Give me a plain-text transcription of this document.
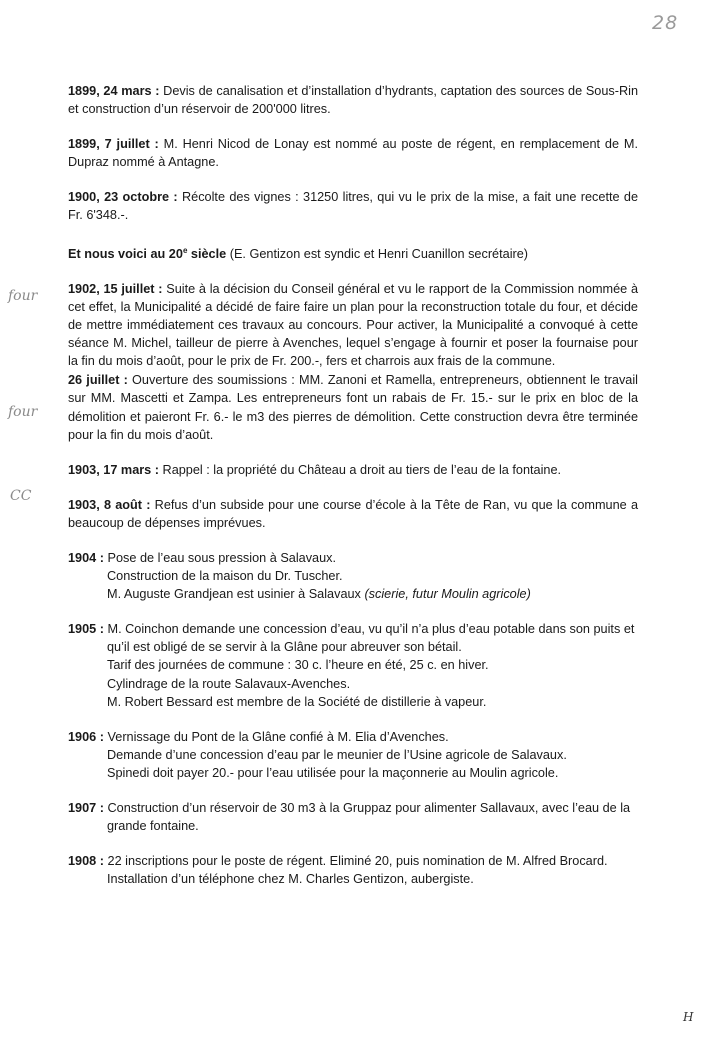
28
four
four
CC

1899, 24 mars : Devis de canalisation et d’installation d’hydrants, captation des sources de Sous-Rin et construction d’un réservoir de 200'000 litres.

1899, 7 juillet : M. Henri Nicod de Lonay est nommé au poste de régent, en remplacement de M. Dupraz nommé à Antagne.

1900, 23 octobre : Récolte des vignes : 31250 litres, qui vu le prix de la mise, a fait une recette de Fr. 6'348.-.

Et nous voici au 20e siècle (E. Gentizon est syndic et Henri Cuanillon secrétaire)

1902, 15 juillet : Suite à la décision du Conseil général et vu le rapport de la Commission nommée à cet effet, la Municipalité a décidé de faire faire un plan pour la reconstruction totale du four, et décide de mettre immédiatement ces travaux au concours. Pour activer, la Municipalité a convoqué à cette séance M. Michel, tailleur de pierre à Avenches, lequel s’engage à fournir et poser la fournaise pour la fin du mois d’août, pour le prix de Fr. 200.-, fers et charrois aux frais de la commune.

26 juillet : Ouverture des soumissions : MM. Zanoni et Ramella, entrepreneurs, obtiennent le travail sur MM. Mascetti et Zampa. Les entrepreneurs font un rabais de Fr. 15.- sur le prix en bloc de la démolition et paieront Fr. 6.- le m3 des pierres de démolition. Cette construction devra être terminée pour la fin du mois d’août.

1903, 17 mars : Rappel : la propriété du Château a droit au tiers de l’eau de la fontaine.

1903, 8 août : Refus d’un subside pour une course d’école à la Tête de Ran, vu que la commune a beaucoup de dépenses imprévues.

1904 : Pose de l’eau sous pression à Salavaux.
Construction de la maison du Dr. Tuscher.
M. Auguste Grandjean est usinier à Salavaux (scierie, futur Moulin agricole)
1905 : M. Coinchon demande une concession d’eau, vu qu’il n’a plus d’eau potable dans son puits et qu’il est obligé de se servir à la Glâne pour abreuver son bétail.
Tarif des journées de commune : 30 c. l’heure en été, 25 c. en hiver.
Cylindrage de la route Salavaux-Avenches.
M. Robert Bessard est membre de la Société de distillerie à vapeur.
1906 : Vernissage du Pont de la Glâne confié à M. Elia d’Avenches.
Demande d’une concession d’eau par le meunier de l’Usine agricole de Salavaux.
Spinedi doit payer 20.- pour l’eau utilisée pour la maçonnerie au Moulin agricole.
1907 : Construction d’un réservoir de 30 m3 à la Gruppaz pour alimenter Sallavaux, avec l’eau de la grande fontaine.
1908 : 22 inscriptions pour le poste de régent. Eliminé 20, puis nomination de M. Alfred Brocard.
Installation d’un téléphone chez M. Charles Gentizon, aubergiste.
H
